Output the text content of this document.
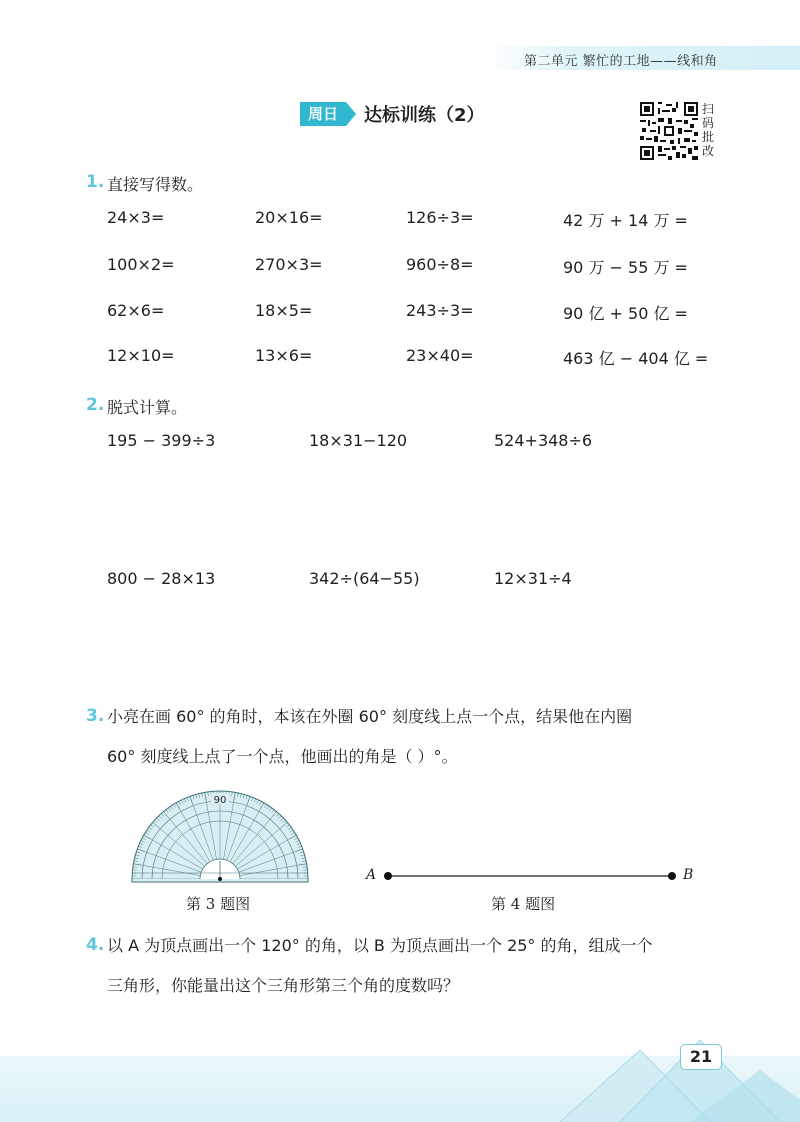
第二单元 繁忙的工地——线和角
周日	达标训练（2）	扫码批改
1. 直接写得数。
24×3=	20×16=	126÷3=	42 万 + 14 万 =
100×2=	270×3=	960÷8=	90 万 − 55 万 =
62×6=	18×5=	243÷3=	90 亿 + 50 亿 =
12×10=	13×6=	23×40=	463 亿 − 404 亿 =
2. 脱式计算。
195 − 399÷3	18×31−120	524+348÷6
800 − 28×13	342÷(64−55)	12×31÷4
3. 小亮在画 60° 的角时，本该在外圈 60° 刻度线上点一个点，结果他在内圈
60° 刻度线上点了一个点，他画出的角是（ ）°。
90
第 3 题图
A	B
第 4 题图
4. 以 A 为顶点画出一个 120° 的角，以 B 为顶点画出一个 25° 的角，组成一个
三角形，你能量出这个三角形第三个角的度数吗？
21
